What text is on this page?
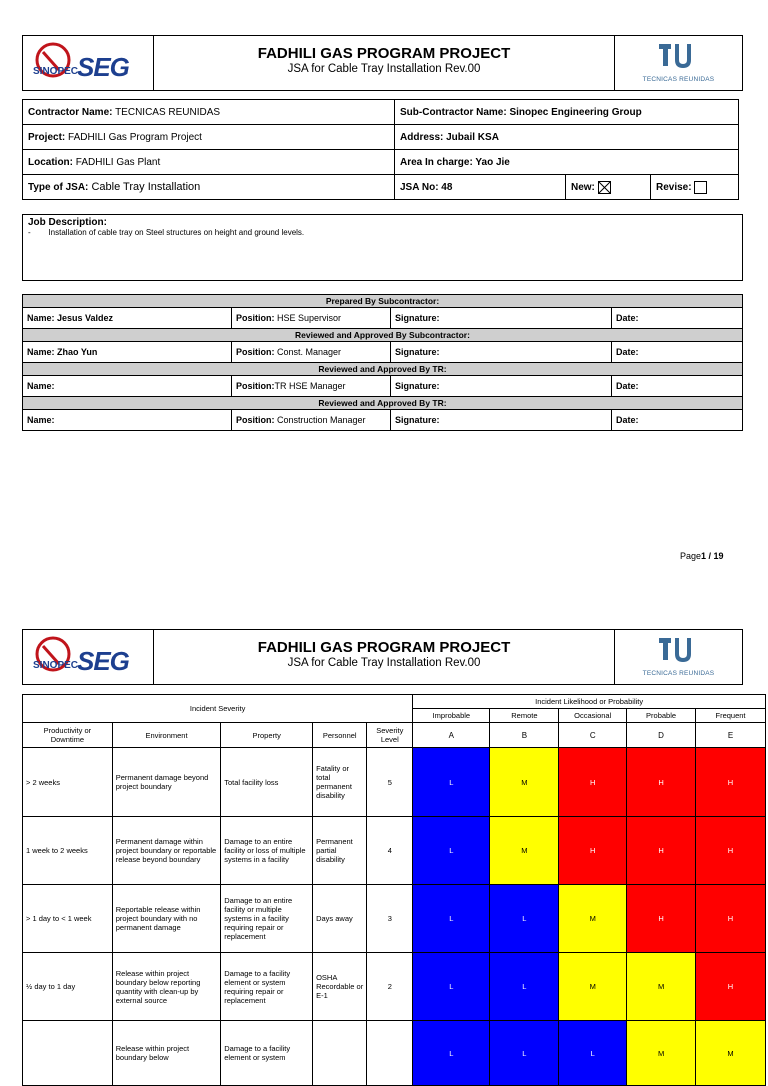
SINOPEC
SEG	FADHILI GAS PROGRAM PROJECT
JSA for Cable Tray Installation Rev.00
TECNICAS REUNIDAS
Contractor Name: TECNICAS REUNIDAS	Sub-Contractor Name: Sinopec Engineering Group		
Project: FADHILI Gas Program Project	Address: Jubail KSA		
Location: FADHILI Gas Plant	Area In charge: Yao Jie		
Type of JSA: Cable Tray Installation	JSA No: 48	New:	Revise:
Job Description:
-        Installation of cable tray on Steel structures on height and ground levels.
Prepared By Subcontractor:			
Name: Jesus Valdez	Position: HSE Supervisor	Signature:	Date:
Reviewed and Approved By Subcontractor:			
Name: Zhao Yun	Position: Const. Manager	Signature:	Date:
Reviewed and Approved By TR:			
Name:	Position:TR HSE Manager	Signature:	Date:
Reviewed and Approved By TR:			
Name:	Position: Construction Manager	Signature:	Date:
Page1 / 19
SINOPEC
SEG	FADHILI GAS PROGRAM PROJECT
JSA for Cable Tray Installation Rev.00
TECNICAS REUNIDAS
Incident Severity					Incident Likelihood or Probability				
					Improbable	Remote	Occasional	Probable	Frequent
Productivity or Downtime	Environment	Property	Personnel	Severity Level	A	B	C	D	E
> 2 weeks	Permanent damage beyond project boundary	Total facility loss	Fatality or total permanent disability	5	L	M	H	H	H
1 week to 2 weeks	Permanent damage within project boundary or reportable release beyond boundary	Damage to an entire facility or loss of multiple systems in a facility	Permanent partial disability	4	L	M	H	H	H
> 1 day to < 1 week	Reportable release within project boundary with no permanent damage	Damage to an entire facility or multiple systems in a facility requiring repair or replacement	Days away	3	L	L	M	H	H
½ day to 1 day	Release within project boundary below reporting quantity with clean-up by external source	Damage to a facility element or system requiring repair or replacement	OSHA Recordable or E-1	2	L	L	M	M	H
	Release within project boundary below	Damage to a facility element or system			L	L	L	M	M
